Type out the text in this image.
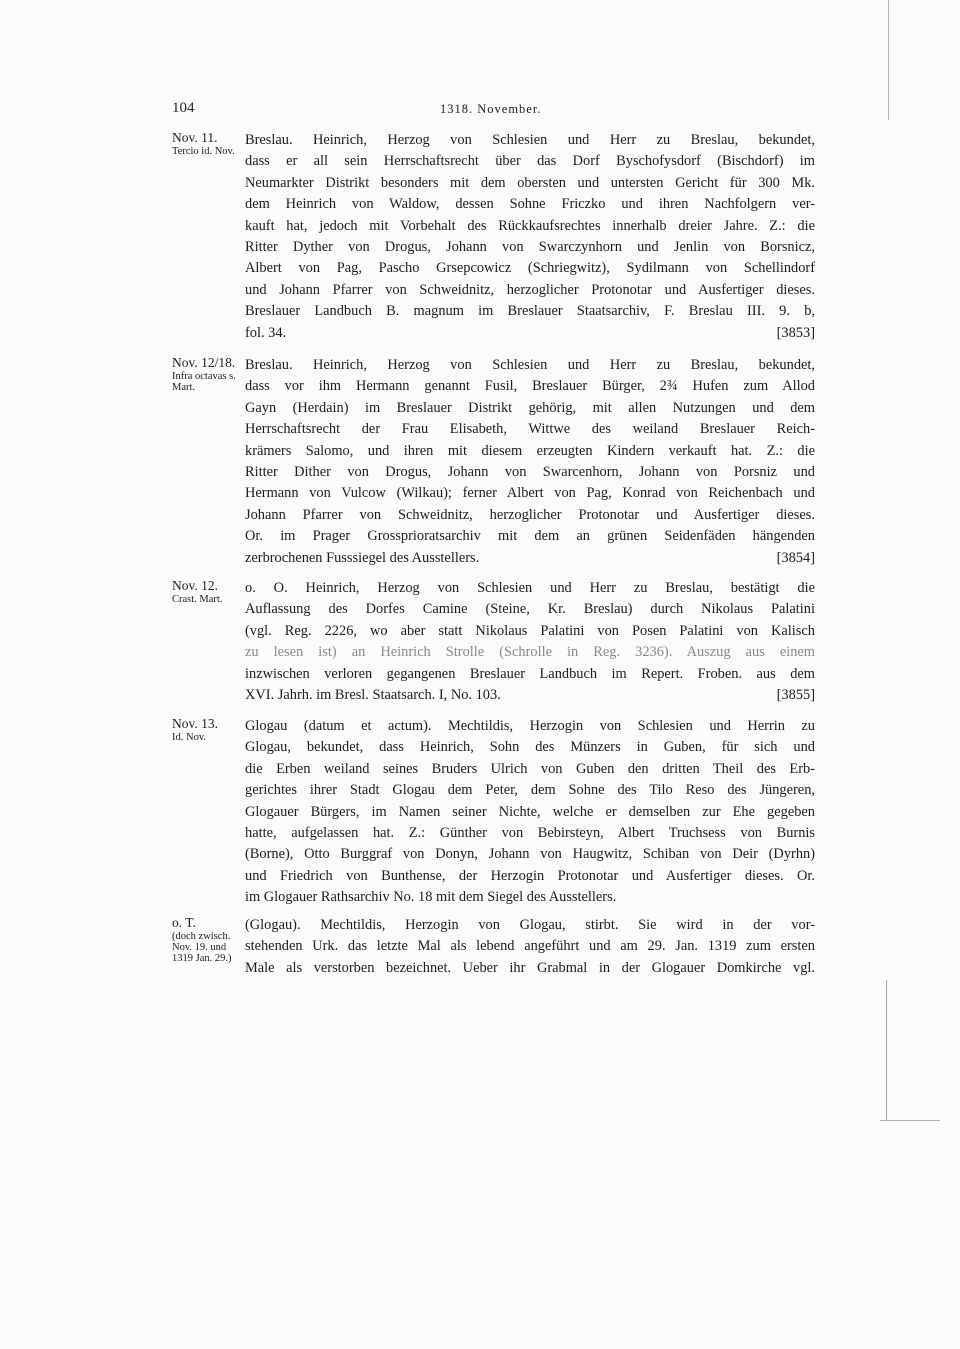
104	1318. November.
Nov. 11.
Tercio id. Nov.
Breslau. Heinrich, Herzog von Schlesien und Herr zu Breslau, bekundet,
dass er all sein Herrschaftsrecht über das Dorf Byschofysdorf (Bischdorf) im
Neumarkter Distrikt besonders mit dem obersten und untersten Gericht für 300 Mk.
dem Heinrich von Waldow, dessen Sohne Friczko und ihren Nachfolgern ver-
kauft hat, jedoch mit Vorbehalt des Rückkaufsrechtes innerhalb dreier Jahre. Z.: die
Ritter Dyther von Drogus, Johann von Swarczynhorn und Jenlin von Borsnicz,
Albert von Pag, Pascho Grsepcowicz (Schriegwitz), Sydilmann von Schellindorf
und Johann Pfarrer von Schweidnitz, herzoglicher Protonotar und Ausfertiger dieses.
Breslauer Landbuch B. magnum im Breslauer Staatsarchiv, F. Breslau III. 9. b,
fol. 34.	[3853]
Nov. 12/18.
Infra octavas s. Mart.
Breslau. Heinrich, Herzog von Schlesien und Herr zu Breslau, bekundet,
dass vor ihm Hermann genannt Fusil, Breslauer Bürger, 2¾ Hufen zum Allod
Gayn (Herdain) im Breslauer Distrikt gehörig, mit allen Nutzungen und dem
Herrschaftsrecht der Frau Elisabeth, Wittwe des weiland Breslauer Reich-
krämers Salomo, und ihren mit diesem erzeugten Kindern verkauft hat. Z.: die
Ritter Dither von Drogus, Johann von Swarcenhorn, Johann von Porsniz und
Hermann von Vulcow (Wilkau); ferner Albert von Pag, Konrad von Reichenbach und
Johann Pfarrer von Schweidnitz, herzoglicher Protonotar und Ausfertiger dieses.
Or. im Prager Grossprioratsarchiv mit dem an grünen Seidenfäden hängenden
zerbrochenen Fusssiegel des Ausstellers.	[3854]
Nov. 12.
Crast. Mart.
o. O. Heinrich, Herzog von Schlesien und Herr zu Breslau, bestätigt die
Auflassung des Dorfes Camine (Steine, Kr. Breslau) durch Nikolaus Palatini
(vgl. Reg. 2226, wo aber statt Nikolaus Palatini von Posen Palatini von Kalisch
zu lesen ist) an Heinrich Strolle (Schrolle in Reg. 3236). Auszug aus einem
inzwischen verloren gegangenen Breslauer Landbuch im Repert. Froben. aus dem
XVI. Jahrh. im Bresl. Staatsarch. I, No. 103.	[3855]
Nov. 13.
Id. Nov.
Glogau (datum et actum). Mechtildis, Herzogin von Schlesien und Herrin zu
Glogau, bekundet, dass Heinrich, Sohn des Münzers in Guben, für sich und
die Erben weiland seines Bruders Ulrich von Guben den dritten Theil des Erb-
gerichtes ihrer Stadt Glogau dem Peter, dem Sohne des Tilo Reso des Jüngeren,
Glogauer Bürgers, im Namen seiner Nichte, welche er demselben zur Ehe gegeben
hatte, aufgelassen hat. Z.: Günther von Bebirsteyn, Albert Truchsess von Burnis
(Borne), Otto Burggraf von Donyn, Johann von Haugwitz, Schiban von Deir (Dyrhn)
und Friedrich von Bunthense, der Herzogin Protonotar und Ausfertiger dieses. Or.
im Glogauer Rathsarchiv No. 18 mit dem Siegel des Ausstellers.
o. T.
(doch zwisch. Nov. 19. und 1319 Jan. 29.)
(Glogau). Mechtildis, Herzogin von Glogau, stirbt. Sie wird in der vor-
stehenden Urk. das letzte Mal als lebend angeführt und am 29. Jan. 1319 zum ersten
Male als verstorben bezeichnet. Ueber ihr Grabmal in der Glogauer Domkirche vgl.
